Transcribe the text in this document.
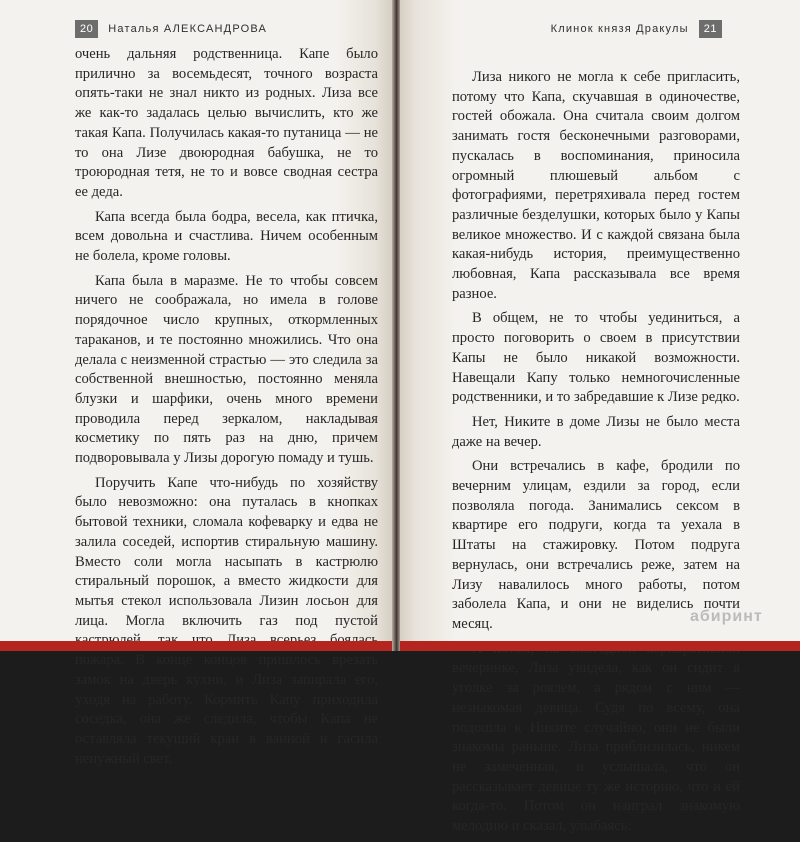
20	Наталья АЛЕКСАНДРОВА

очень дальняя родственница. Капе было прилично за восемьдесят, точного возраста опять-таки не знал никто из родных. Лиза все же как-то задалась целью вычислить, кто же такая Капа. Получилась какая-то путаница — не то она Лизе двоюродная бабушка, не то троюродная тетя, не то и вовсе сводная сестра ее деда.

Капа всегда была бодра, весела, как птичка, всем довольна и счастлива. Ничем особенным не болела, кроме головы.

Капа была в маразме. Не то чтобы совсем ничего не соображала, но имела в голове порядочное число крупных, откормленных тараканов, и те постоянно множились. Что она делала с неизменной страстью — это следила за собственной внешностью, постоянно меняла блузки и шарфики, очень много времени проводила перед зеркалом, накладывая косметику по пять раз на дню, причем подворовывала у Лизы дорогую помаду и тушь.

Поручить Капе что-нибудь по хозяйству было невозможно: она путалась в кнопках бытовой техники, сломала кофеварку и едва не залила соседей, испортив стиральную машину. Вместо соли могла насыпать в кастрюлю стиральный порошок, а вместо жидкости для мытья стекол использовала Лизин лосьон для лица. Могла включить газ под пустой пожара. В конце концов пришлось врезать замок на дверь кухни, и Лиза запирала его, уходя на работу. Кормить Капу приходила соседка, она же следила, чтобы Капа не оставляла текущий кран в ванной и гасила ненужный свет.

Клинок князя Дракулы	21

Лиза никого не могла к себе пригласить, потому что Капа, скучавшая в одиночестве, гостей обожала. Она считала своим долгом занимать гостя бесконечными разговорами, пускалась в воспоминания, приносила огромный плюшевый альбом с фотографиями, перетряхивала перед гостем различные безделушки, которых было у Капы великое множество. И с каждой связана была какая-нибудь история, преимущественно любовная, Капа рассказывала все время разное.

В общем, не то чтобы уединиться, а просто поговорить о своем в присутствии Капы не было никакой возможности. Навещали Капу только немногочисленные родственники, и то забредавшие к Лизе редко.

Нет, Никите в доме Лизы не было места даже на вечер.

Они встречались в кафе, бродили по вечерним улицам, ездили за город, если позволяла погода. Занимались сексом в квартире его подруги, когда та уехала в Штаты на стажировку. Потом подруга вернулась, они встречались реже, затем на Лизу навалилось много работы, потом заболела Капа, и они не виделись почти месяц.

вечеринке, Лиза увидела, как он сидит в уголке за роялем, а рядом с ним — незнакомая девица. Судя по всему, она подошла к Никите случайно, они не были знакомы раньше. Лиза приблизилась, никем не замеченная, и услышала, что он рассказывает девице ту же историю, что и ей когда-то. Потом он наиграл знакомую мелодию и сказал, улыбаясь:

абиринт
